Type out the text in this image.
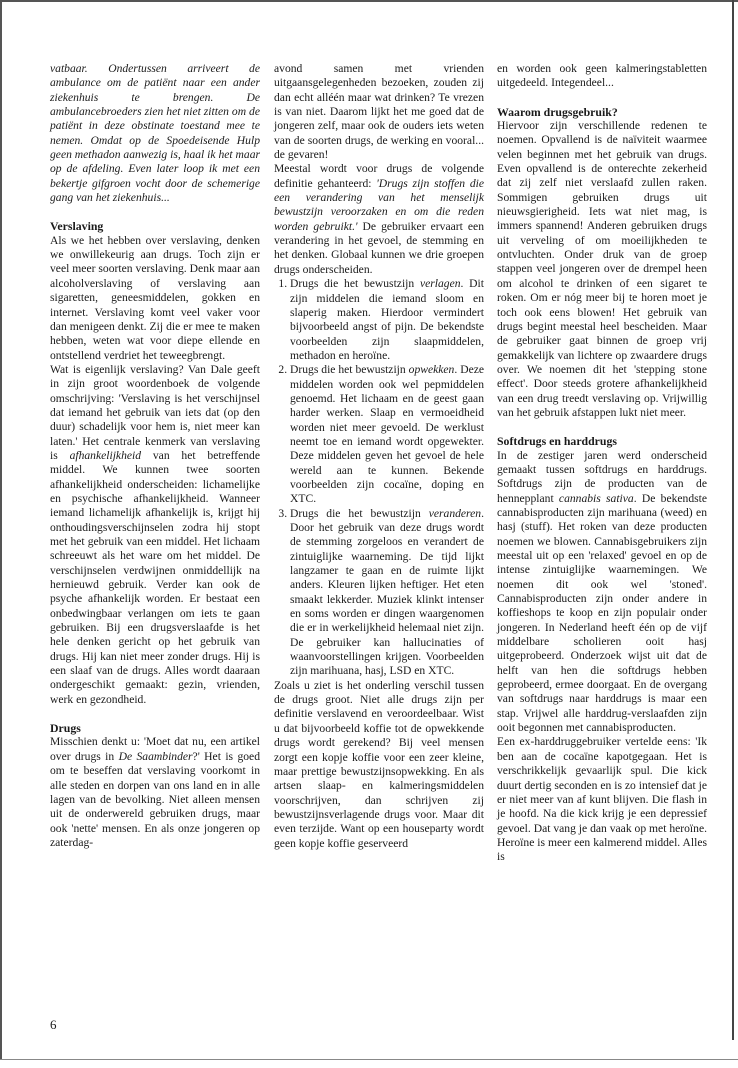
vatbaar. Ondertussen arriveert de ambulance om de patiënt naar een ander ziekenhuis te brengen. De ambulancebroeders zien het niet zitten om de patiënt in deze obstinate toestand mee te nemen. Omdat op de Spoedeisende Hulp geen methadon aanwezig is, haal ik het maar op de afdeling. Even later loop ik met een bekertje gifgroen vocht door de schemerige gang van het ziekenhuis...

Verslaving

Als we het hebben over verslaving, denken we onwillekeurig aan drugs. Toch zijn er veel meer soorten verslaving. Denk maar aan alcoholverslaving of verslaving aan sigaretten, geneesmiddelen, gokken en internet. Verslaving komt veel vaker voor dan menigeen denkt. Zij die er mee te maken hebben, weten wat voor diepe ellende en ontstellend verdriet het teweegbrengt.

Wat is eigenlijk verslaving? Van Dale geeft in zijn groot woordenboek de volgende omschrijving: 'Verslaving is het verschijnsel dat iemand het gebruik van iets dat (op den duur) schadelijk voor hem is, niet meer kan laten.' Het centrale kenmerk van verslaving is afhankelijkheid van het betreffende middel. We kunnen twee soorten afhankelijkheid onderscheiden: lichamelijke en psychische afhankelijkheid. Wanneer iemand lichamelijk afhankelijk is, krijgt hij onthoudingsverschijnselen zodra hij stopt met het gebruik van een middel. Het lichaam schreeuwt als het ware om het middel. De verschijnselen verdwijnen onmiddellijk na hernieuwd gebruik. Verder kan ook de psyche afhankelijk worden. Er bestaat een onbedwingbaar verlangen om iets te gaan gebruiken. Bij een drugsverslaafde is het hele denken gericht op het gebruik van drugs. Hij kan niet meer zonder drugs. Hij is een slaaf van de drugs. Alles wordt daaraan ondergeschikt gemaakt: gezin, vrienden, werk en gezondheid.

Drugs

Misschien denkt u: 'Moet dat nu, een artikel over drugs in De Saambinder?' Het is goed om te beseffen dat verslaving voorkomt in alle steden en dorpen van ons land en in alle lagen van de bevolking. Niet alleen mensen uit de onderwereld gebruiken drugs, maar ook 'nette' mensen. En als onze jongeren op zaterdag-

avond samen met vrienden uitgaansgelegenheden bezoeken, zouden zij dan echt alléén maar wat drinken? Te vrezen is van niet. Daarom lijkt het me goed dat de jongeren zelf, maar ook de ouders iets weten van de soorten drugs, de werking en vooral... de gevaren!

Meestal wordt voor drugs de volgende definitie gehanteerd: 'Drugs zijn stoffen die een verandering van het menselijk bewustzijn veroorzaken en om die reden worden gebruikt.' De gebruiker ervaart een verandering in het gevoel, de stemming en het denken. Globaal kunnen we drie groepen drugs onderscheiden.

1. Drugs die het bewustzijn verlagen. Dit zijn middelen die iemand sloom en slaperig maken. Hierdoor vermindert bijvoorbeeld angst of pijn. De bekendste voorbeelden zijn slaapmiddelen, methadon en heroïne.
2. Drugs die het bewustzijn opwekken. Deze middelen worden ook wel pepmiddelen genoemd. Het lichaam en de geest gaan harder werken. Slaap en vermoeidheid worden niet meer gevoeld. De werklust neemt toe en iemand wordt opgewekter. Deze middelen geven het gevoel de hele wereld aan te kunnen. Bekende voorbeelden zijn cocaïne, doping en XTC.
3. Drugs die het bewustzijn veranderen. Door het gebruik van deze drugs wordt de stemming zorgeloos en verandert de zintuiglijke waarneming. De tijd lijkt langzamer te gaan en de ruimte lijkt anders. Kleuren lijken heftiger. Het eten smaakt lekkerder. Muziek klinkt intenser en soms worden er dingen waargenomen die er in werkelijkheid helemaal niet zijn. De gebruiker kan hallucinaties of waanvoorstellingen krijgen. Voorbeelden zijn marihuana, hasj, LSD en XTC.

Zoals u ziet is het onderling verschil tussen de drugs groot. Niet alle drugs zijn per definitie verslavend en veroordeelbaar. Wist u dat bijvoorbeeld koffie tot de opwekkende drugs wordt gerekend? Bij veel mensen zorgt een kopje koffie voor een zeer kleine, maar prettige bewustzijnsopwekking. En als artsen slaap- en kalmeringsmiddelen voorschrijven, dan schrijven zij bewustzijnsverlagende drugs voor. Maar dit even terzijde. Want op een houseparty wordt geen kopje koffie geserveerd

en worden ook geen kalmeringstabletten uitgedeeld. Integendeel...

Waarom drugsgebruik?

Hiervoor zijn verschillende redenen te noemen. Opvallend is de naïviteit waarmee velen beginnen met het gebruik van drugs. Even opvallend is de onterechte zekerheid dat zij zelf niet verslaafd zullen raken. Sommigen gebruiken drugs uit nieuwsgierigheid. Iets wat niet mag, is immers spannend! Anderen gebruiken drugs uit verveling of om moeilijkheden te ontvluchten. Onder druk van de groep stappen veel jongeren over de drempel heen om alcohol te drinken of een sigaret te roken. Om er nóg meer bij te horen moet je toch ook eens blowen! Het gebruik van drugs begint meestal heel bescheiden. Maar de gebruiker gaat binnen de groep vrij gemakkelijk van lichtere op zwaardere drugs over. We noemen dit het 'stepping stone effect'. Door steeds grotere afhankelijkheid van een drug treedt verslaving op. Vrijwillig van het gebruik afstappen lukt niet meer.

Softdrugs en harddrugs

In de zestiger jaren werd onderscheid gemaakt tussen softdrugs en harddrugs. Softdrugs zijn de producten van de hennepplant cannabis sativa. De bekendste cannabisproducten zijn marihuana (weed) en hasj (stuff). Het roken van deze producten noemen we blowen. Cannabisgebruikers zijn meestal uit op een 'relaxed' gevoel en op de intense zintuiglijke waarnemingen. We noemen dit ook wel 'stoned'. Cannabisproducten zijn onder andere in koffieshops te koop en zijn populair onder jongeren. In Nederland heeft één op de vijf middelbare scholieren ooit hasj uitgeprobeerd. Onderzoek wijst uit dat de helft van hen die softdrugs hebben geprobeerd, ermee doorgaat. En de overgang van softdrugs naar harddrugs is maar een stap. Vrijwel alle harddrug-verslaafden zijn ooit begonnen met cannabisproducten.

Een ex-harddruggebruiker vertelde eens: 'Ik ben aan de cocaïne kapotgegaan. Het is verschrikkelijk gevaarlijk spul. Die kick duurt dertig seconden en is zo intensief dat je er niet meer van af kunt blijven. Die flash in je hoofd. Na die kick krijg je een depressief gevoel. Dat vang je dan vaak op met heroïne. Heroïne is meer een kalmerend middel. Alles is

6
